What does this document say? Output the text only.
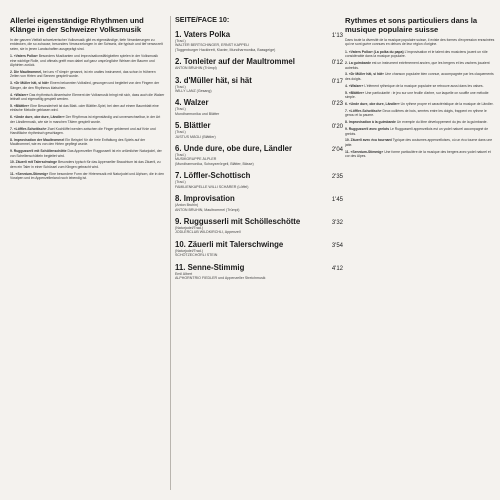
Allerlei eigenständige Rhythmen und Klänge in der Schweizer Volksmusik
In der ganzen Vielfalt schweizerischer Volksmusik gibt es eigenständige, tiefe Verankerungen zu entdecken, die so zuhause, besonders Verwurzelungen in der Schweiz, die typisch und tief verwurzelt seien, sie in jenen Landschaften ausgeprägt sind.
1. «Vaters Polka» Besonders Musikanten und Improvisationsfähigkeiten spielen in der Volksmusik eine wichtige Rolle, und oftmals greift man dabei auf ganz ursprüngliche Weisen der Bauern und Alphirten zurück.
2. Die Maultrommel, bei uns «Trümpi» genannt, ist ein uraltes Instrument, das schon in früheren Zeiten von Hirten und Sennen gespielt wurde.
3. «Dr Müller hät, si hät» Einem bekannten Volkslied, gesungen und begleitet von den Fingern der Sänger, die den Rhythmus klatschen.
4. «Walzer» Das rhythmisch-tänzerische Element der Volksmusik bringt mit sich, dass auch die Walzer lebhaft und eigenwillig gespielt werden.
5. «Blättler» Eine Besonderheit ist das Blatt- oder Blättler-Spiel, bei dem auf einem Baumblatt eine einfache Melodie geblasen wird.
6. «Unde dure, obe dure, Ländler» Der Rhythmus ist eigenständig und unverwechselbar, in der Art der Ländlermusik, wie sie in manchen Tälern gespielt wurde.
7. «Löffler-Schottisch» Zwei Kochlöffel werden zwischen die Finger geklemmt und auf Knie und Handfläche rhythmisch geschlagen.
8. Improvisation der Maultrommel Ein Beispiel für die freie Entfaltung des Spiels auf der Maultrommel, wie es von den Hirten gepflegt wurde.
9. Ruggusserli mit Schöllenschötte Das Appenzeller Ruggusserli ist ein urtümlicher Naturjodel, der von Schellenschütteln begleitet wird.
10. Zäuerli mit Talerschwinge Besonders typisch für das Appenzeller Brauchtum ist das Zäuerli, zu dem ein Taler in einer Schüssel zum Klingen gebracht wird.
11. «Senntum-Stimmig» Eine besondere Form der Hirtenmusik mit Naturjodel und Alphorn, die in den Voralpen und im Appenzellerland noch lebendig ist.
SEITE/FACE 10:
1. Vaters Polka	1'13
(Trad.)
WALTER BERTSCHINGER, ERNST KAPPELI
(Toggenburger Hackbrett, Klavier, Mundharmonika, Bassgeige)
2. Tonleiter auf der Maultrommel	0'12
ANTON BRUHIN (Trümpi)
3. d'Müller hät, si hät	0'17
(Trad.)
WILLY LANZ (Gesang)
4. Walzer	0'23
(Trad.)
Mundharmonika und Blätter
5. Blättler	0'20
(Trad.)
JUSTUS MÄGLI (Blättler)
6. Unde dure, obe dure, Ländler	2'04
(Trad.)
MUSIKGRUPPE ÄLPLER
(Mundharmonika, Schwyzerörgeli, Blätter, Bässe)
7. Löffler-Schottisch	2'35
(Trad.)
FAMILIENKAPELLE WILLI SCHÄRER (Löffel)
8. Improvisation	1'45
(Anton Bruhin)
ANTON BRUHIN, Maultrommel (Trümpi)
9. Ruggusserli mit Schölleschötte	3'32
(Naturjodel/Trad.)
JODLERCLUB WILDKIRCHLI, Appenzell
10. Zäuerli mit Talerschwinge	3'54
(Naturjodel/Trad.)
SCHÖTZECHÖRLI STEIN
11. Senne-Stimmig	4'12
Emil Albert
ALPHORNTRIO FIEDLER und Appenzeller Streichmusik
Rythmes et sons particuliers dans la musique populaire suisse
Dans toute la diversité de la musique populaire suisse, il existe des formes d'expression enracinées qui ne sont guère connues en dehors de leur région d'origine.
1. «Vaters Polka» (La polka du papa) L'improvisation et le talent des musiciens jouent un rôle considérable dans la musique populaire.
2. La guimbarde est un instrument extrêmement ancien, que les bergers et les vachers jouaient autrefois.
3. «Dr Müller hät, si hät» Une chanson populaire bien connue, accompagnée par les claquements des doigts.
4. «Walzer» L'élément rythmique de la musique populaire se retrouve aussi dans les valses.
5. «Blättler» Une particularité : le jeu sur une feuille d'arbre, sur laquelle on souffle une mélodie simple.
6. «Unde dure, obe dure, Ländler» Un rythme propre et caractéristique de la musique de Ländler.
7. «Löffler-Schottisch» Deux cuillères de bois, serrées entre les doigts, frappent en rythme le genou et la paume.
8. Improvisation à la guimbarde Un exemple du libre développement du jeu de la guimbarde.
9. Ruggusserli avec grelots Le Ruggusserli appenzellois est un yodel naturel accompagné de grelots.
10. Zäuerli avec écu tournant Typique des coutumes appenzelloises, où un écu tourne dans une jatte.
11. «Senntum-Stimmig» Une forme particulière de la musique des bergers avec yodel naturel et cor des Alpes.
